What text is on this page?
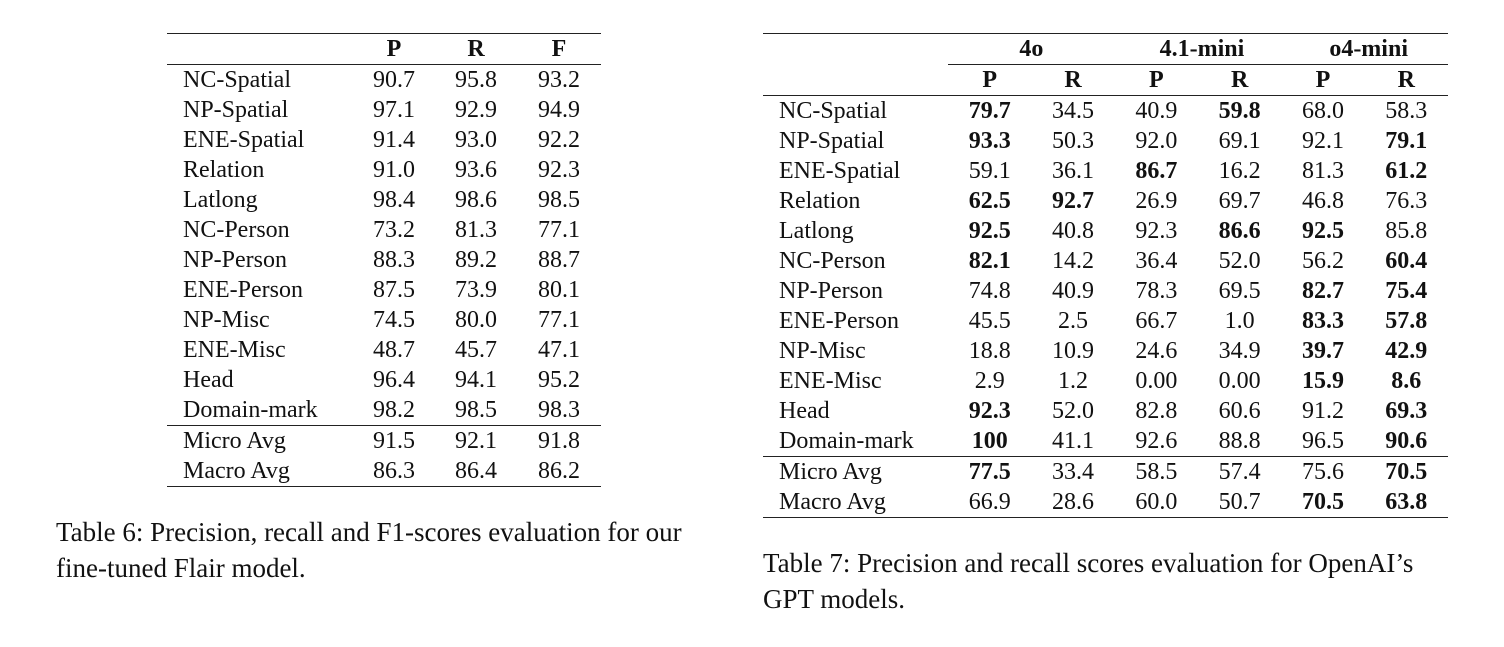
	P	R	F
NC-Spatial	90.7	95.8	93.2
NP-Spatial	97.1	92.9	94.9
ENE-Spatial	91.4	93.0	92.2
Relation	91.0	93.6	92.3
Latlong	98.4	98.6	98.5
NC-Person	73.2	81.3	77.1
NP-Person	88.3	89.2	88.7
ENE-Person	87.5	73.9	80.1
NP-Misc	74.5	80.0	77.1
ENE-Misc	48.7	45.7	47.1
Head	96.4	94.1	95.2
Domain-mark	98.2	98.5	98.3
Micro Avg	91.5	92.1	91.8
Macro Avg	86.3	86.4	86.2
	4o		4.1-mini		o4-mini	
	P	R	P	R	P	R
NC-Spatial	79.7	34.5	40.9	59.8	68.0	58.3
NP-Spatial	93.3	50.3	92.0	69.1	92.1	79.1
ENE-Spatial	59.1	36.1	86.7	16.2	81.3	61.2
Relation	62.5	92.7	26.9	69.7	46.8	76.3
Latlong	92.5	40.8	92.3	86.6	92.5	85.8
NC-Person	82.1	14.2	36.4	52.0	56.2	60.4
NP-Person	74.8	40.9	78.3	69.5	82.7	75.4
ENE-Person	45.5	2.5	66.7	1.0	83.3	57.8
NP-Misc	18.8	10.9	24.6	34.9	39.7	42.9
ENE-Misc	2.9	1.2	0.00	0.00	15.9	8.6
Head	92.3	52.0	82.8	60.6	91.2	69.3
Domain-mark	100	41.1	92.6	88.8	96.5	90.6
Micro Avg	77.5	33.4	58.5	57.4	75.6	70.5
Macro Avg	66.9	28.6	60.0	50.7	70.5	63.8
Table 6: Precision, recall and F1-scores evaluation for our fine-tuned Flair model.	Table 7: Precision and recall scores evaluation for OpenAI’s GPT models.
